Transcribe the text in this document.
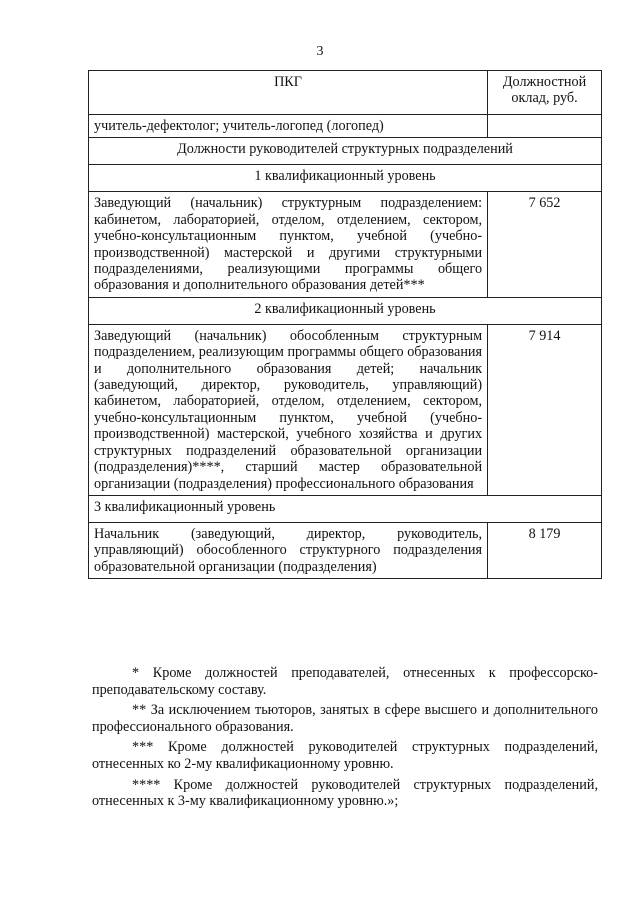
3
ПКГ	Должностной оклад, руб.
учитель-дефектолог; учитель-логопед (логопед)	
Должности руководителей структурных подразделений	
1 квалификационный уровень	
Заведующий (начальник) структурным подразделением: кабинетом, лабораторией, отделом, отделением, сектором, учебно-консультационным пунктом, учебной (учебно-производственной) мастерской и другими структурными подразделениями, реализующими программы общего образования и дополнительного образования детей***	7 652
2 квалификационный уровень	
Заведующий (начальник) обособленным структурным подразделением, реализующим программы общего образования и дополнительного образования детей; начальник (заведующий, директор, руководитель, управляющий) кабинетом, лабораторией, отделом, отделением, сектором, учебно-консультационным пунктом, учебной (учебно-производственной) мастерской, учебного хозяйства и других структурных подразделений образовательной организации (подразделения)****, старший мастер образовательной организации (подразделения) профессионального образования	7 914
3 квалификационный уровень	
Начальник (заведующий, директор, руководитель, управляющий) обособленного структурного подразделения образовательной организации (подразделения)	8 179

* Кроме должностей преподавателей, отнесенных к профессорско-преподавательскому составу.

** За исключением тьюторов, занятых в сфере высшего и дополнительного профессионального образования.

*** Кроме должностей руководителей структурных подразделений, отнесенных ко 2-му квалификационному уровню.

**** Кроме должностей руководителей структурных подразделений, отнесенных к 3-му квалификационному уровню.»;
